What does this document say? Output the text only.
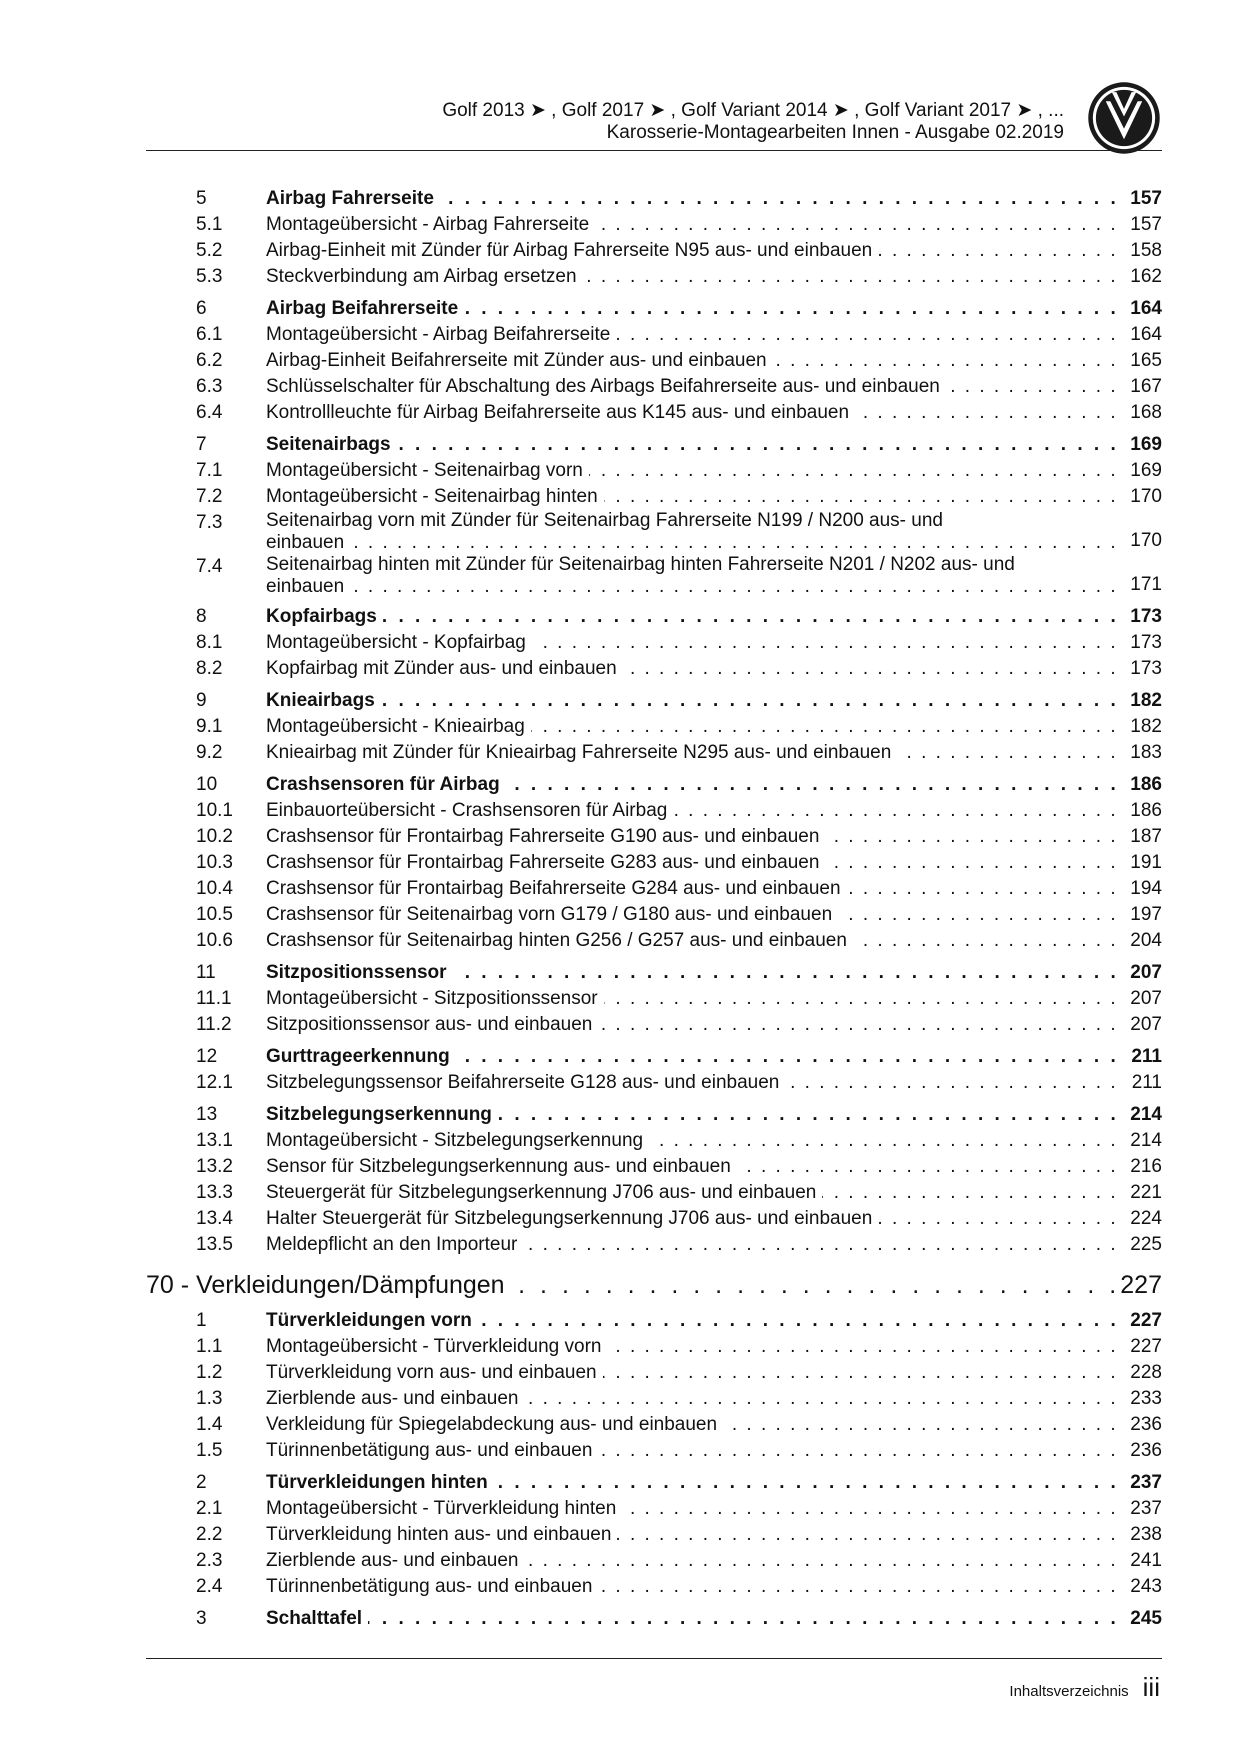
Golf 2013 ➤ , Golf 2017 ➤ , Golf Variant 2014 ➤ , Golf Variant 2017 ➤ , ...
Karosserie-Montagearbeiten Innen - Ausgabe 02.2019
5	Airbag Fahrerseite . . .	157
5.1	Montageübersicht - Airbag Fahrerseite . . .	157
5.2	Airbag-Einheit mit Zünder für Airbag Fahrerseite N95 aus- und einbauen . . .	158
5.3	Steckverbindung am Airbag ersetzen . . .	162
6	Airbag Beifahrerseite . . .	164
6.1	Montageübersicht - Airbag Beifahrerseite . . .	164
6.2	Airbag-Einheit Beifahrerseite mit Zünder aus- und einbauen . . .	165
6.3	Schlüsselschalter für Abschaltung des Airbags Beifahrerseite aus- und einbauen . . .	167
6.4	Kontrollleuchte für Airbag Beifahrerseite aus K145 aus- und einbauen . . .	168
7	Seitenairbags . . .	169
7.1	Montageübersicht - Seitenairbag vorn . . .	169
7.2	Montageübersicht - Seitenairbag hinten . . .	170
7.3	Seitenairbag vorn mit Zünder für Seitenairbag Fahrerseite N199 / N200 aus- und
einbauen . . .	170
7.4	Seitenairbag hinten mit Zünder für Seitenairbag hinten Fahrerseite N201 / N202 aus- und
einbauen . . .	171
8	Kopfairbags . . .	173
8.1	Montageübersicht - Kopfairbag . . .	173
8.2	Kopfairbag mit Zünder aus- und einbauen . . .	173
9	Knieairbags . . .	182
9.1	Montageübersicht - Knieairbag . . .	182
9.2	Knieairbag mit Zünder für Knieairbag Fahrerseite N295 aus- und einbauen . . .	183
10	Crashsensoren für Airbag . . .	186
10.1	Einbauorteübersicht - Crashsensoren für Airbag . . .	186
10.2	Crashsensor für Frontairbag Fahrerseite G190 aus- und einbauen . . .	187
10.3	Crashsensor für Frontairbag Fahrerseite G283 aus- und einbauen . . .	191
10.4	Crashsensor für Frontairbag Beifahrerseite G284 aus- und einbauen . . .	194
10.5	Crashsensor für Seitenairbag vorn G179 / G180 aus- und einbauen . . .	197
10.6	Crashsensor für Seitenairbag hinten G256 / G257 aus- und einbauen . . .	204
11	Sitzpositionssensor . . .	207
11.1	Montageübersicht - Sitzpositionssensor . . .	207
11.2	Sitzpositionssensor aus- und einbauen . . .	207
12	Gurttrageerkennung . . .	211
12.1	Sitzbelegungssensor Beifahrerseite G128 aus- und einbauen . . .	211
13	Sitzbelegungserkennung . . .	214
13.1	Montageübersicht - Sitzbelegungserkennung . . .	214
13.2	Sensor für Sitzbelegungserkennung aus- und einbauen . . .	216
13.3	Steuergerät für Sitzbelegungserkennung J706 aus- und einbauen . . .	221
13.4	Halter Steuergerät für Sitzbelegungserkennung J706 aus- und einbauen . . .	224
13.5	Meldepflicht an den Importeur . . .	225
70 - Verkleidungen/Dämpfungen . . .	227
1	Türverkleidungen vorn . . .	227
1.1	Montageübersicht - Türverkleidung vorn . . .	227
1.2	Türverkleidung vorn aus- und einbauen . . .	228
1.3	Zierblende aus- und einbauen . . .	233
1.4	Verkleidung für Spiegelabdeckung aus- und einbauen . . .	236
1.5	Türinnenbetätigung aus- und einbauen . . .	236
2	Türverkleidungen hinten . . .	237
2.1	Montageübersicht - Türverkleidung hinten . . .	237
2.2	Türverkleidung hinten aus- und einbauen . . .	238
2.3	Zierblende aus- und einbauen . . .	241
2.4	Türinnenbetätigung aus- und einbauen . . .	243
3	Schalttafel . . .	245
Inhaltsverzeichnis iii
